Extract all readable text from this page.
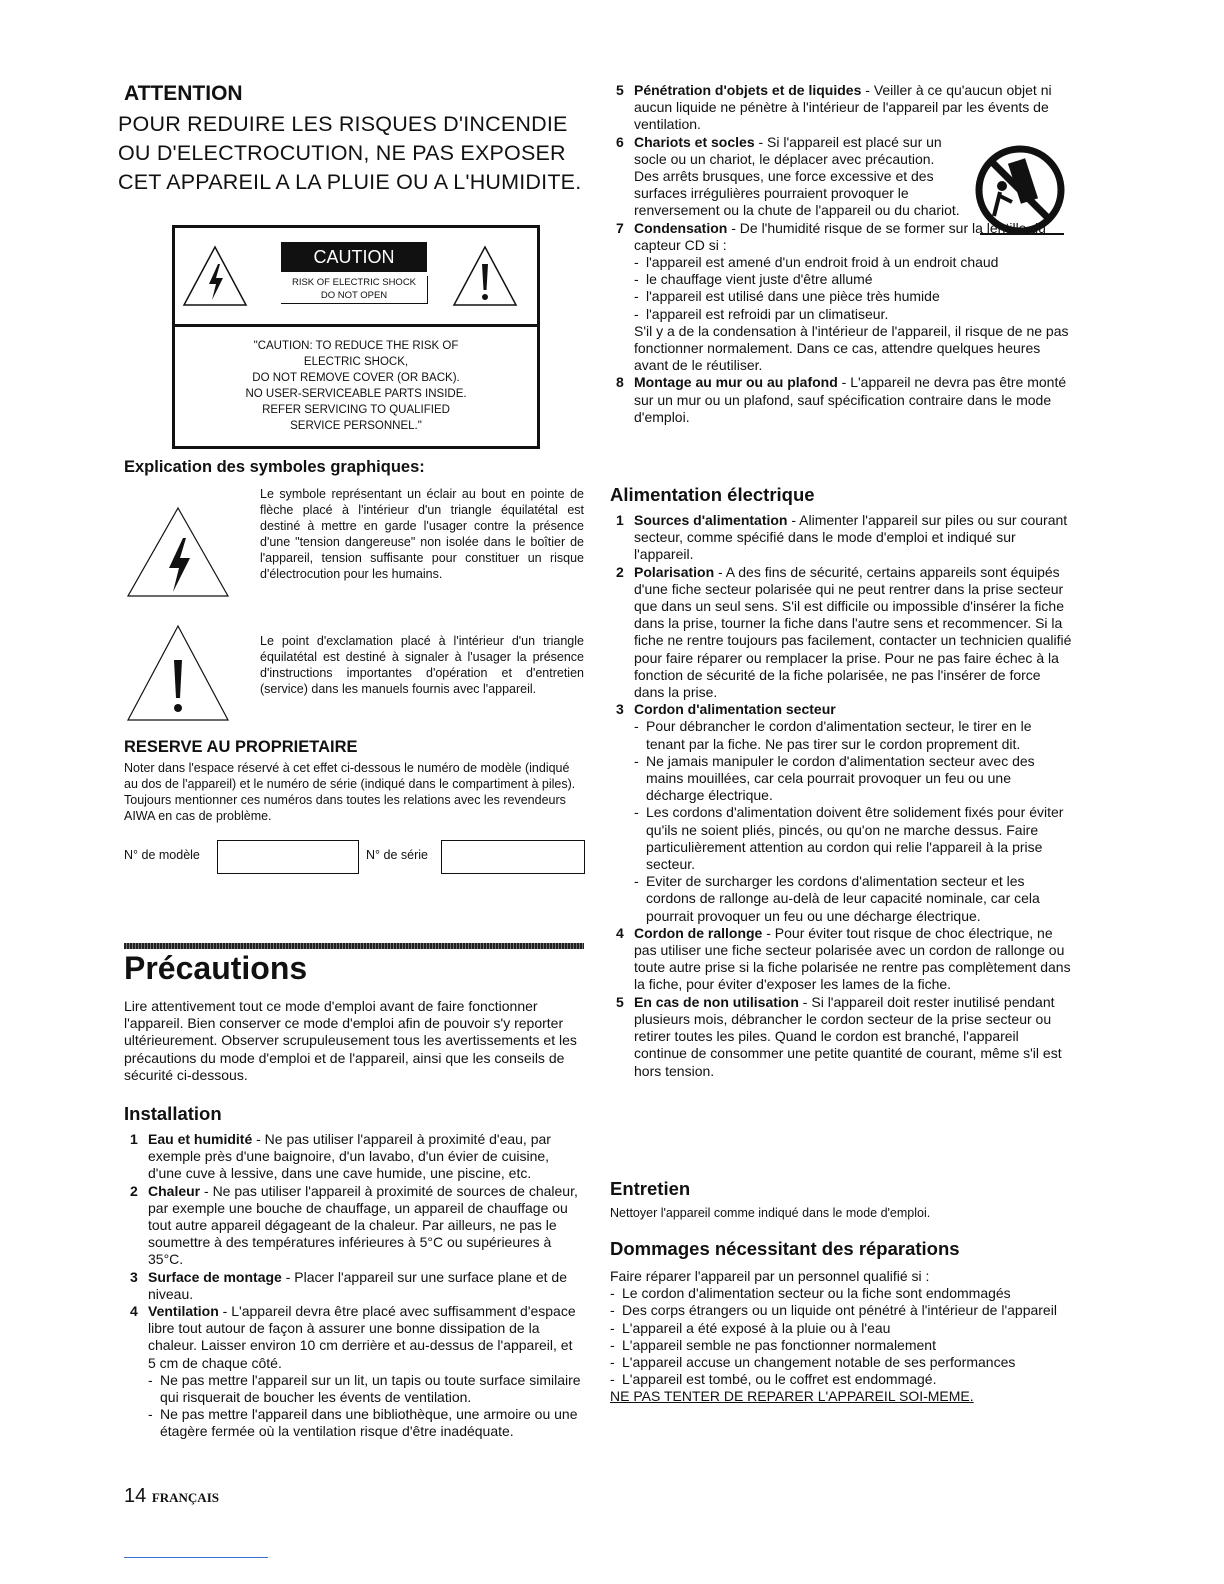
ATTENTION

POUR REDUIRE LES RISQUES D'INCENDIE OU D'ELECTROCUTION, NE PAS EXPOSER CET APPAREIL A LA PLUIE OU A L'HUMIDITE.

CAUTION
RISK OF ELECTRIC SHOCK
DO NOT OPEN
"CAUTION: TO REDUCE THE RISK OF
ELECTRIC SHOCK,
DO NOT REMOVE COVER (OR BACK).
NO USER-SERVICEABLE PARTS INSIDE.
REFER SERVICING TO QUALIFIED
SERVICE PERSONNEL."

Explication des symboles graphiques:

Le symbole représentant un éclair au bout en pointe de flèche placé à l'intérieur d'un triangle équilatétal est destiné à mettre en garde l'usager contre la présence d'une "tension dangereuse" non isolée dans le boîtier de l'appareil, tension suffisante pour constituer un risque d'électrocution pour les humains.

Le point d'exclamation placé à l'intérieur d'un triangle équilatétal est destiné à signaler à l'usager la présence d'instructions importantes d'opération et d'entretien (service) dans les manuels fournis avec l'appareil.

RESERVE AU PROPRIETAIRE

Noter dans l'espace réservé à cet effet ci-dessous le numéro de modèle (indiqué au dos de l'appareil) et le numéro de série (indiqué dans le compartiment à piles). Toujours mentionner ces numéros dans toutes les relations avec les revendeurs AIWA en cas de problème.

N° de modèle	N° de série

Précautions

Lire attentivement tout ce mode d'emploi avant de faire fonctionner l'appareil. Bien conserver ce mode d'emploi afin de pouvoir s'y reporter ultérieurement. Observer scrupuleusement tous les avertissements et les précautions du mode d'emploi et de l'appareil, ainsi que les conseils de sécurité ci-dessous.

Installation

1 Eau et humidité - Ne pas utiliser l'appareil à proximité d'eau, par exemple près d'une baignoire, d'un lavabo, d'un évier de cuisine, d'une cuve à lessive, dans une cave humide, une piscine, etc.
2 Chaleur - Ne pas utiliser l'appareil à proximité de sources de chaleur, par exemple une bouche de chauffage, un appareil de chauffage ou tout autre appareil dégageant de la chaleur. Par ailleurs, ne pas le soumettre à des températures inférieures à 5°C ou supérieures à 35°C.
3 Surface de montage - Placer l'appareil sur une surface plane et de niveau.
4 Ventilation - L'appareil devra être placé avec suffisamment d'espace libre tout autour de façon à assurer une bonne dissipation de la chaleur. Laisser environ 10 cm derrière et au-dessus de l'appareil, et 5 cm de chaque côté.
- Ne pas mettre l'appareil sur un lit, un tapis ou toute surface similaire qui risquerait de boucher les évents de ventilation.
- Ne pas mettre l'appareil dans une bibliothèque, une armoire ou une étagère fermée où la ventilation risque d'être inadéquate.
14 FRANÇAIS
5 Pénétration d'objets et de liquides - Veiller à ce qu'aucun objet ni aucun liquide ne pénètre à l'intérieur de l'appareil par les évents de ventilation.
6 Chariots et socles - Si l'appareil est placé sur un socle ou un chariot, le déplacer avec précaution.
Des arrêts brusques, une force excessive et des surfaces irrégulières pourraient provoquer le renversement ou la chute de l'appareil ou du chariot.
7 Condensation - De l'humidité risque de se former sur la lentille du capteur CD si :
- l'appareil est amené d'un endroit froid à un endroit chaud
- le chauffage vient juste d'être allumé
- l'appareil est utilisé dans une pièce très humide
- l'appareil est refroidi par un climatiseur.
S'il y a de la condensation à l'intérieur de l'appareil, il risque de ne pas fonctionner normalement. Dans ce cas, attendre quelques heures avant de le réutiliser.
8 Montage au mur ou au plafond - L'appareil ne devra pas être monté sur un mur ou un plafond, sauf spécification contraire dans le mode d'emploi.

Alimentation électrique

1 Sources d'alimentation - Alimenter l'appareil sur piles ou sur courant secteur, comme spécifié dans le mode d'emploi et indiqué sur l'appareil.
2 Polarisation - A des fins de sécurité, certains appareils sont équipés d'une fiche secteur polarisée qui ne peut rentrer dans la prise secteur que dans un seul sens. S'il est difficile ou impossible d'insérer la fiche dans la prise, tourner la fiche dans l'autre sens et recommencer. Si la fiche ne rentre toujours pas facilement, contacter un technicien qualifié pour faire réparer ou remplacer la prise. Pour ne pas faire échec à la fonction de sécurité de la fiche polarisée, ne pas l'insérer de force dans la prise.
3 Cordon d'alimentation secteur
- Pour débrancher le cordon d'alimentation secteur, le tirer en le tenant par la fiche. Ne pas tirer sur le cordon proprement dit.
- Ne jamais manipuler le cordon d'alimentation secteur avec des mains mouillées, car cela pourrait provoquer un feu ou une décharge électrique.
- Les cordons d'alimentation doivent être solidement fixés pour éviter qu'ils ne soient pliés, pincés, ou qu'on ne marche dessus. Faire particulièrement attention au cordon qui relie l'appareil à la prise secteur.
- Eviter de surcharger les cordons d'alimentation secteur et les cordons de rallonge au-delà de leur capacité nominale, car cela pourrait provoquer un feu ou une décharge électrique.
4 Cordon de rallonge - Pour éviter tout risque de choc électrique, ne pas utiliser une fiche secteur polarisée avec un cordon de rallonge ou toute autre prise si la fiche polarisée ne rentre pas complètement dans la fiche, pour éviter d'exposer les lames de la fiche.
5 En cas de non utilisation - Si l'appareil doit rester inutilisé pendant plusieurs mois, débrancher le cordon secteur de la prise secteur ou retirer toutes les piles. Quand le cordon est branché, l'appareil continue de consommer une petite quantité de courant, même s'il est hors tension.

Entretien

Nettoyer l'appareil comme indiqué dans le mode d'emploi.

Dommages nécessitant des réparations

Faire réparer l'appareil par un personnel qualifié si :
- Le cordon d'alimentation secteur ou la fiche sont endommagés
- Des corps étrangers ou un liquide ont pénétré à l'intérieur de l'appareil
- L'appareil a été exposé à la pluie ou à l'eau
- L'appareil semble ne pas fonctionner normalement
- L'appareil accuse un changement notable de ses performances
- L'appareil est tombé, ou le coffret est endommagé.
NE PAS TENTER DE REPARER L'APPAREIL SOI-MEME.
